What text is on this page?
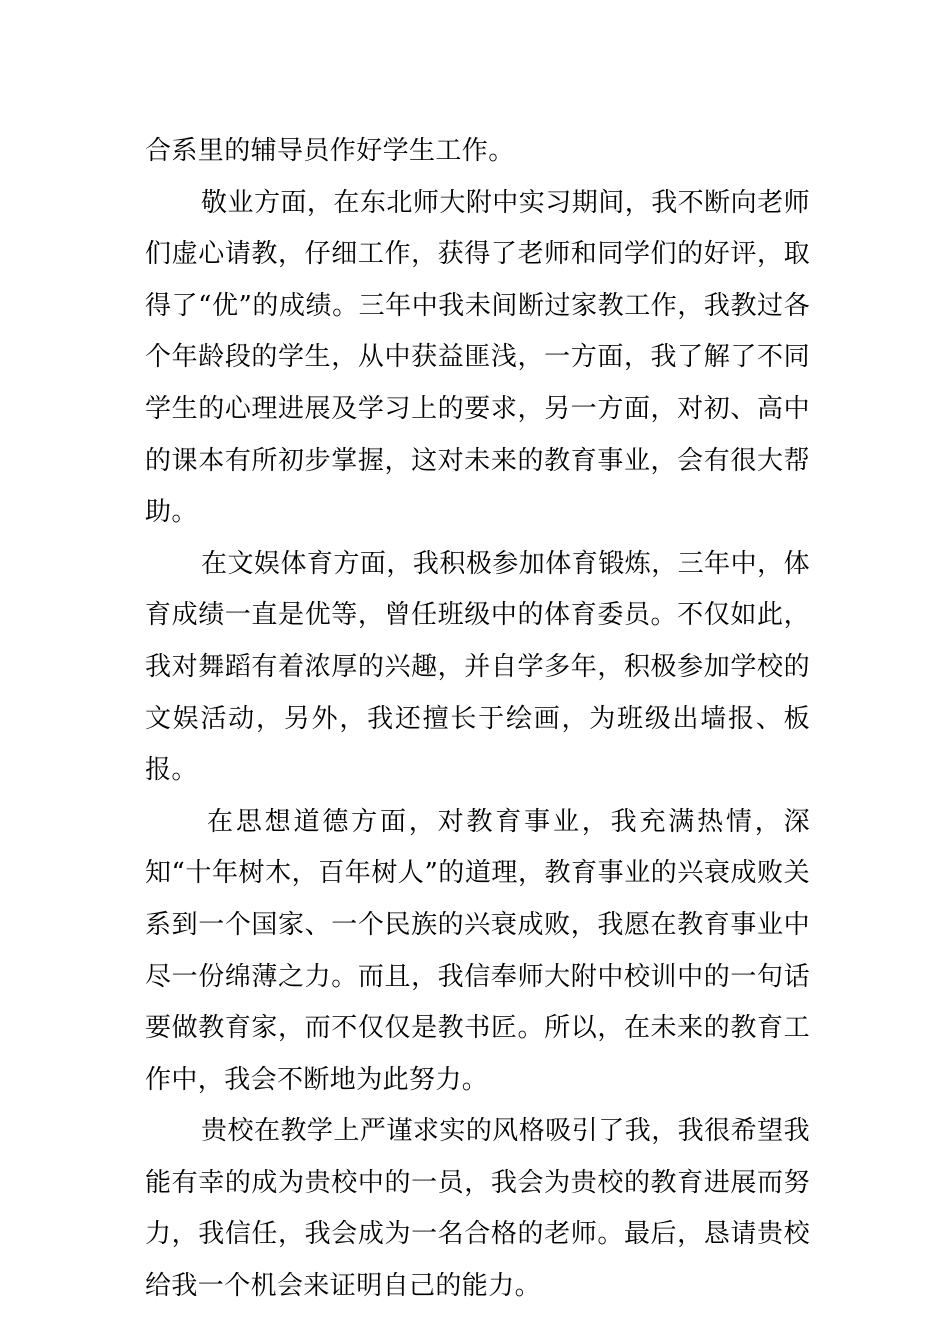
合系里的辅导员作好学生工作。

敬业方面，在东北师大附中实习期间，我不断向老师们虚心请教，仔细工作，获得了老师和同学们的好评，取得了“优”的成绩。三年中我未间断过家教工作，我教过各个年龄段的学生，从中获益匪浅，一方面，我了解了不同学生的心理进展及学习上的要求，另一方面，对初、高中的课本有所初步掌握，这对未来的教育事业，会有很大帮助。

在文娱体育方面，我积极参加体育锻炼，三年中，体育成绩一直是优等，曾任班级中的体育委员。不仅如此，我对舞蹈有着浓厚的兴趣，并自学多年，积极参加学校的文娱活动，另外，我还擅长于绘画，为班级出墙报、板报。

在思想道德方面，对教育事业，我充满热情，深知“十年树木，百年树人”的道理，教育事业的兴衰成败关系到一个国家、一个民族的兴衰成败，我愿在教育事业中尽一份绵薄之力。而且，我信奉师大附中校训中的一句话要做教育家，而不仅仅是教书匠。所以，在未来的教育工作中，我会不断地为此努力。

贵校在教学上严谨求实的风格吸引了我，我很希望我能有幸的成为贵校中的一员，我会为贵校的教育进展而努力，我信任，我会成为一名合格的老师。最后，恳请贵校给我一个机会来证明自己的能力。
